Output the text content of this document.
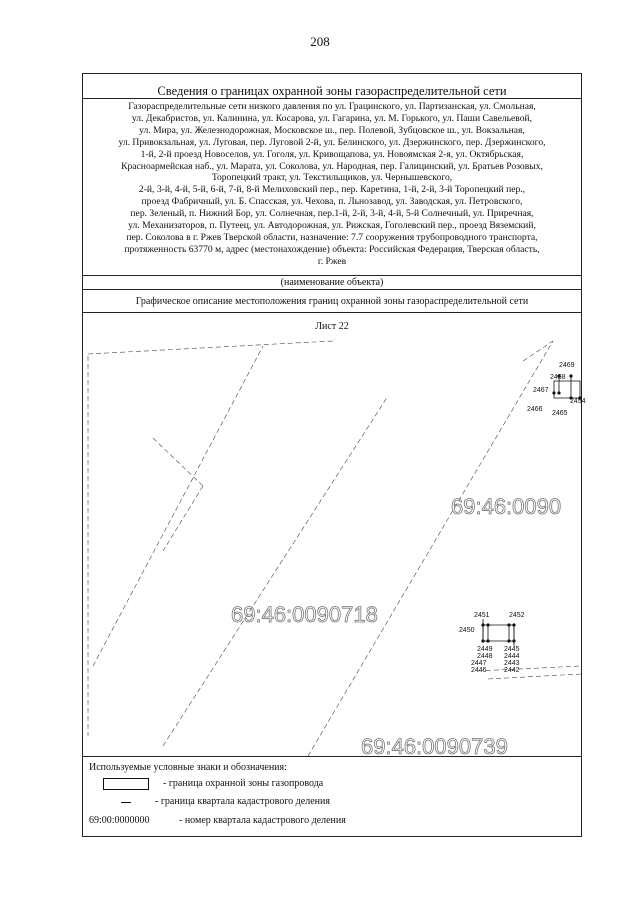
208
Сведения о границах охранной зоны газораспределительной сети
Газораспределительные сети низкого давления по ул. Грацинского, ул. Партизанская, ул. Смольная,
ул. Декабристов, ул. Калинина, ул. Косарова, ул. Гагарина, ул. М. Горького, ул. Паши Савельевой,
ул. Мира, ул. Железнодорожная, Московское ш., пер. Полевой, Зубцовское ш., ул. Вокзальная,
ул. Привокзальная, ул. Луговая, пер. Луговой 2-й, ул. Белинского, ул. Дзержинского, пер. Дзержинского,
1-й, 2-й проезд Новоселов, ул. Гоголя, ул. Кривощапова, ул. Новоямская 2-я, ул. Октябрьская,
Красноармейская наб., ул. Марата, ул. Соколова, ул. Народная, пер. Галицинский, ул. Братьев Розовых,
Торопецкий тракт, ул. Текстильщиков, ул. Чернышевского,
2-й, 3-й, 4-й, 5-й, 6-й, 7-й, 8-й Мелиховский пер., пер. Каретина, 1-й, 2-й, 3-й Торопецкий пер.,
проезд Фабричный, ул. Б. Спасская, ул. Чехова, п. Льнозавод, ул. Заводская, ул. Петровского,
пер. Зеленый, п. Нижний Бор, ул. Солнечная, пер.1-й, 2-й, 3-й, 4-й, 5-й Солнечный, ул. Приречная,
ул. Механизаторов, п. Путеец, ул. Автодорожная, ул. Рижская, Гоголевский пер., проезд Вяземский,
пер. Соколова в г. Ржев Тверской области, назначение: 7.7 сооружения трубопроводного транспорта,
протяженность 63770 м, адрес (местонахождение) объекта: Российская Федерация, Тверская область,
г. Ржев
(наименование объекта)
Графическое описание местоположения границ охранной зоны газораспределительной сети
Лист 22
69:46:0090718
69:46:0090
69:46:0090739
2469
2468
2467
2454
2466
2465
2451	2452
2450
2449
2448
2447
2446
2445
2444
2443
2442
Используемые условные знаки и обозначения:
- граница охранной зоны газопровода
- граница квартала кадастрового деления
69:00:0000000	- номер квартала кадастрового деления
